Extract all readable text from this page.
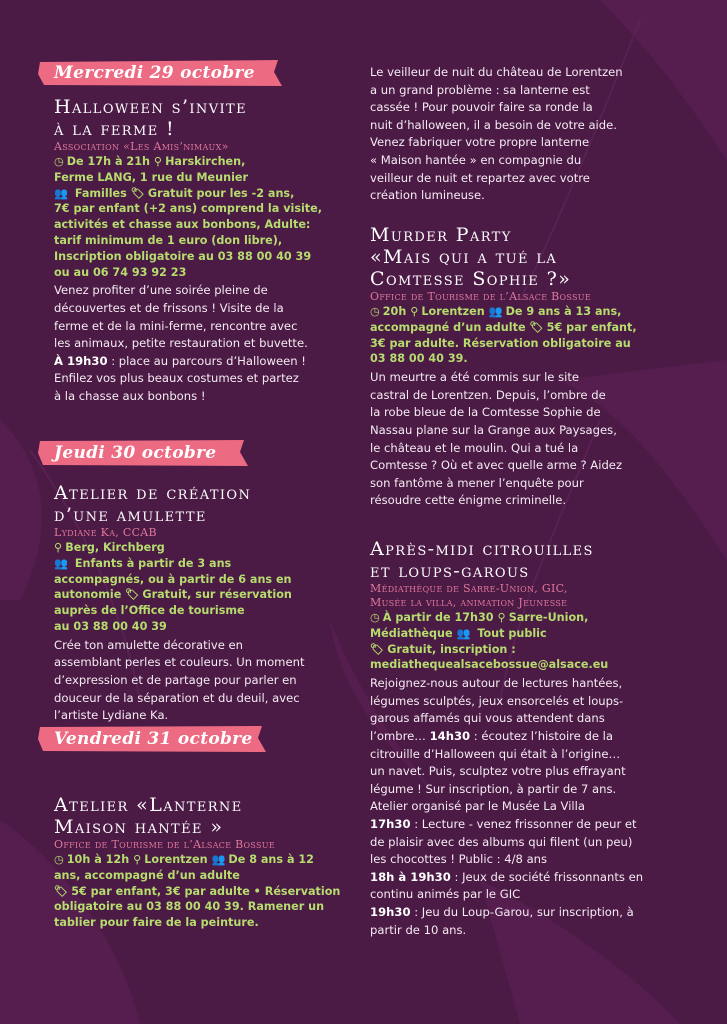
Mercredi 29 octobre
Halloween s’invite
à la ferme !
Association «Les Amis’nimaux»
◷ De 17h à 21h ⚲ Harskirchen,
Ferme LANG, 1 rue du Meunier
👥 Familles 🏷 Gratuit pour les -2 ans,
7€ par enfant (+2 ans) comprend la visite,
activités et chasse aux bonbons, Adulte:
tarif minimum de 1 euro (don libre),
Inscription obligatoire au 03 88 00 40 39
ou au 06 74 93 92 23
Venez profiter d’une soirée pleine de
découvertes et de frissons ! Visite de la
ferme et de la mini-ferme, rencontre avec
les animaux, petite restauration et buvette.
À 19h30 : place au parcours d’Halloween !
Enfilez vos plus beaux costumes et partez
à la chasse aux bonbons !
Jeudi 30 octobre
Atelier de création
d’une amulette
Lydiane Ka, CCAB
⚲ Berg, Kirchberg
👥 Enfants à partir de 3 ans
accompagnés, ou à partir de 6 ans en
autonomie 🏷 Gratuit, sur réservation
auprès de l’Office de tourisme
au 03 88 00 40 39
Crée ton amulette décorative en
assemblant perles et couleurs. Un moment
d’expression et de partage pour parler en
douceur de la séparation et du deuil, avec
l’artiste Lydiane Ka.
Vendredi 31 octobre
Atelier «Lanterne
Maison hantée »
Office de Tourisme de l’Alsace Bossue
◷ 10h à 12h ⚲ Lorentzen 👥 De 8 ans à 12
ans, accompagné d’un adulte
🏷 5€ par enfant, 3€ par adulte • Réservation
obligatoire au 03 88 00 40 39. Ramener un
tablier pour faire de la peinture.
Le veilleur de nuit du château de Lorentzen
a un grand problème : sa lanterne est
cassée ! Pour pouvoir faire sa ronde la
nuit d’halloween, il a besoin de votre aide.
Venez fabriquer votre propre lanterne
« Maison hantée » en compagnie du
veilleur de nuit et repartez avec votre
création lumineuse.
Murder Party
«Mais qui a tué la
Comtesse Sophie ?»
Office de Tourisme de l’Alsace Bossue
◷ 20h ⚲ Lorentzen 👥 De 9 ans à 13 ans,
accompagné d’un adulte 🏷 5€ par enfant,
3€ par adulte. Réservation obligatoire au
03 88 00 40 39.
Un meurtre a été commis sur le site
castral de Lorentzen. Depuis, l’ombre de
la robe bleue de la Comtesse Sophie de
Nassau plane sur la Grange aux Paysages,
le château et le moulin. Qui a tué la
Comtesse ? Où et avec quelle arme ? Aidez
son fantôme à mener l’enquête pour
résoudre cette énigme criminelle.
Après-midi citrouilles
et loups-garous
Médiathèque de Sarre-Union, GIC,
Musée la villa, animation Jeunesse
◷ À partir de 17h30 ⚲ Sarre-Union,
Médiathèque 👥 Tout public
🏷 Gratuit, inscription :
mediathequealsacebossue@alsace.eu
Rejoignez-nous autour de lectures hantées,
légumes sculptés, jeux ensorcelés et loups-
garous affamés qui vous attendent dans
l’ombre… 14h30 : écoutez l’histoire de la
citrouille d’Halloween qui était à l’origine…
un navet. Puis, sculptez votre plus effrayant
légume ! Sur inscription, à partir de 7 ans.
Atelier organisé par le Musée La Villa
17h30 : Lecture - venez frissonner de peur et
de plaisir avec des albums qui filent (un peu)
les chocottes ! Public : 4/8 ans
18h à 19h30 : Jeux de société frissonnants en
continu animés par le GIC
19h30 : Jeu du Loup-Garou, sur inscription, à
partir de 10 ans.
